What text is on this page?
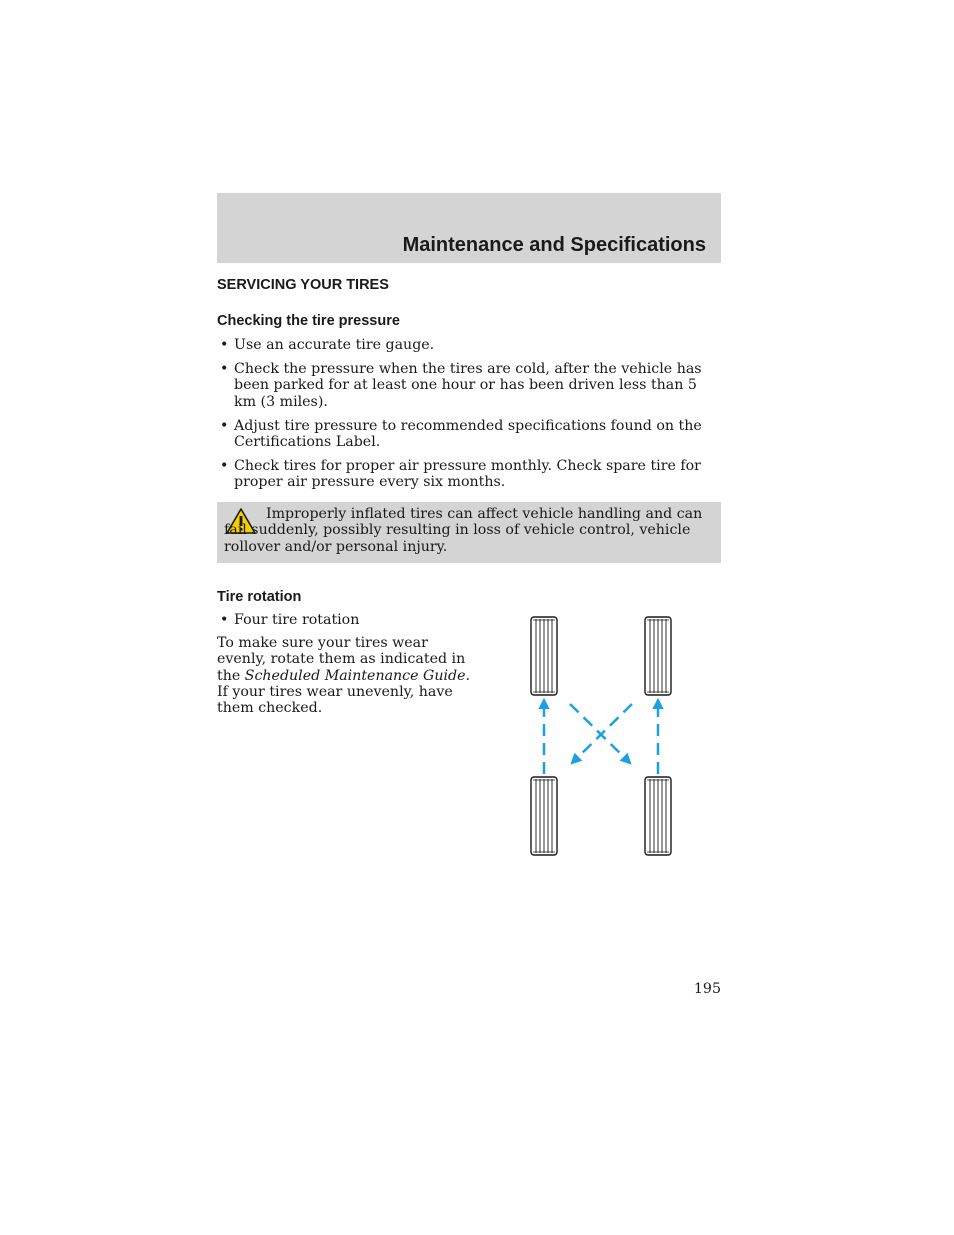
Maintenance and Specifications
SERVICING YOUR TIRES
Checking the tire pressure
• Use an accurate tire gauge.
• Check the pressure when the tires are cold, after the vehicle has been parked for at least one hour or has been driven less than 5 km (3 miles).
• Adjust tire pressure to recommended specifications found on the Certifications Label.
• Check tires for proper air pressure monthly. Check spare tire for proper air pressure every six months.
Improperly inflated tires can affect vehicle handling and can fail suddenly, possibly resulting in loss of vehicle control, vehicle rollover and/or personal injury.
Tire rotation
• Four tire rotation
To make sure your tires wear evenly, rotate them as indicated in the Scheduled Maintenance Guide. If your tires wear unevenly, have them checked.
195
